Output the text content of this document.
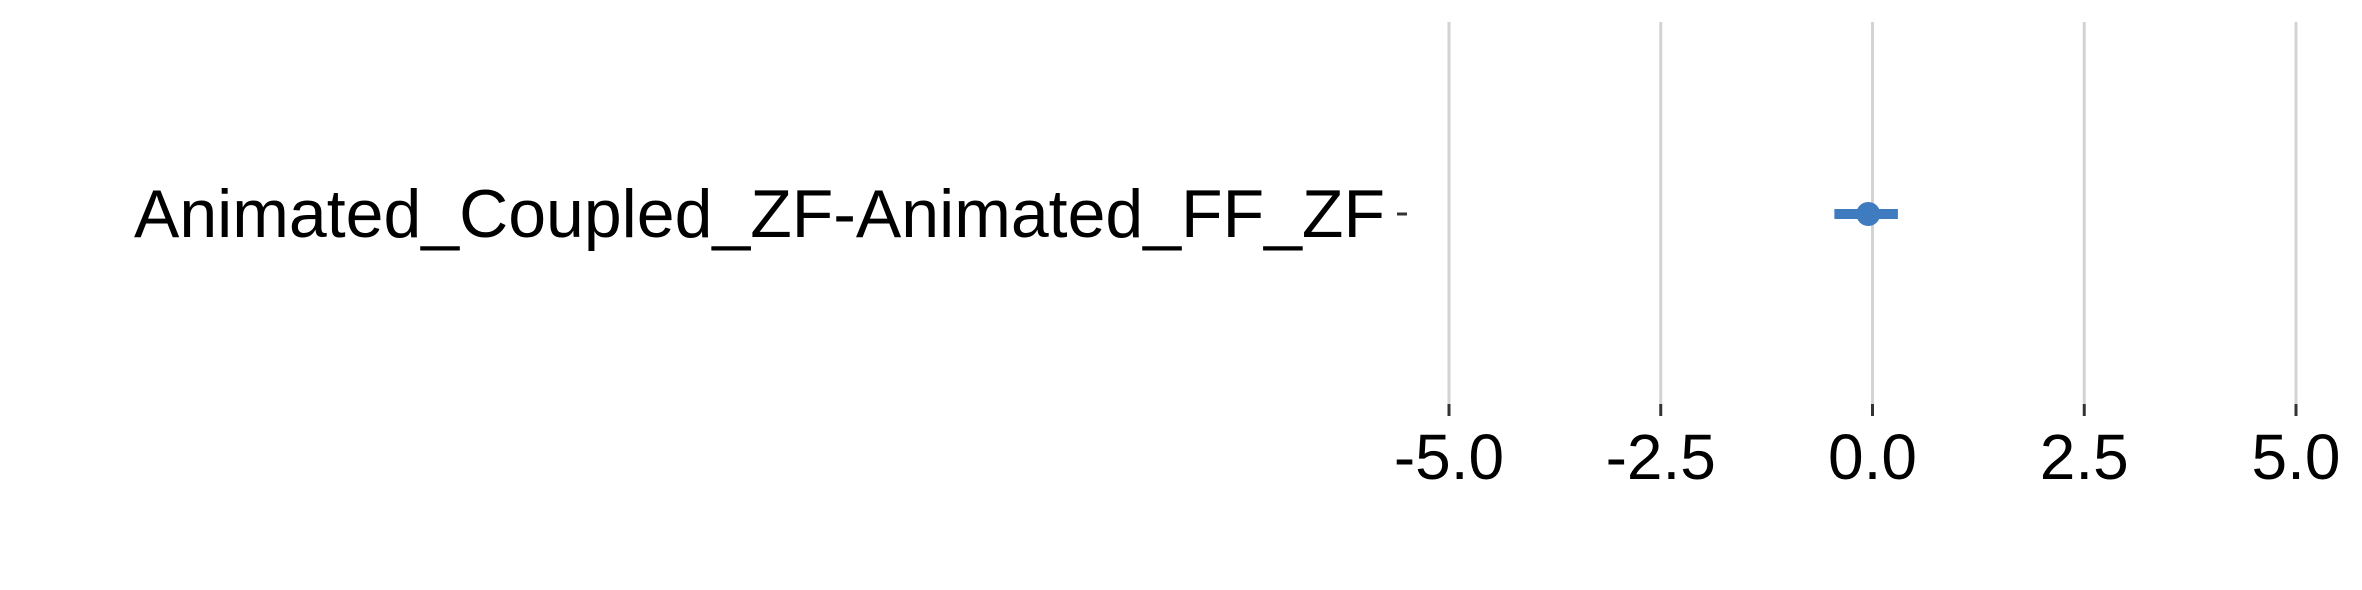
-5.0 -2.5 0.0 2.5 5.0
Animated_Coupled_ZF-Animated_FF_ZF
